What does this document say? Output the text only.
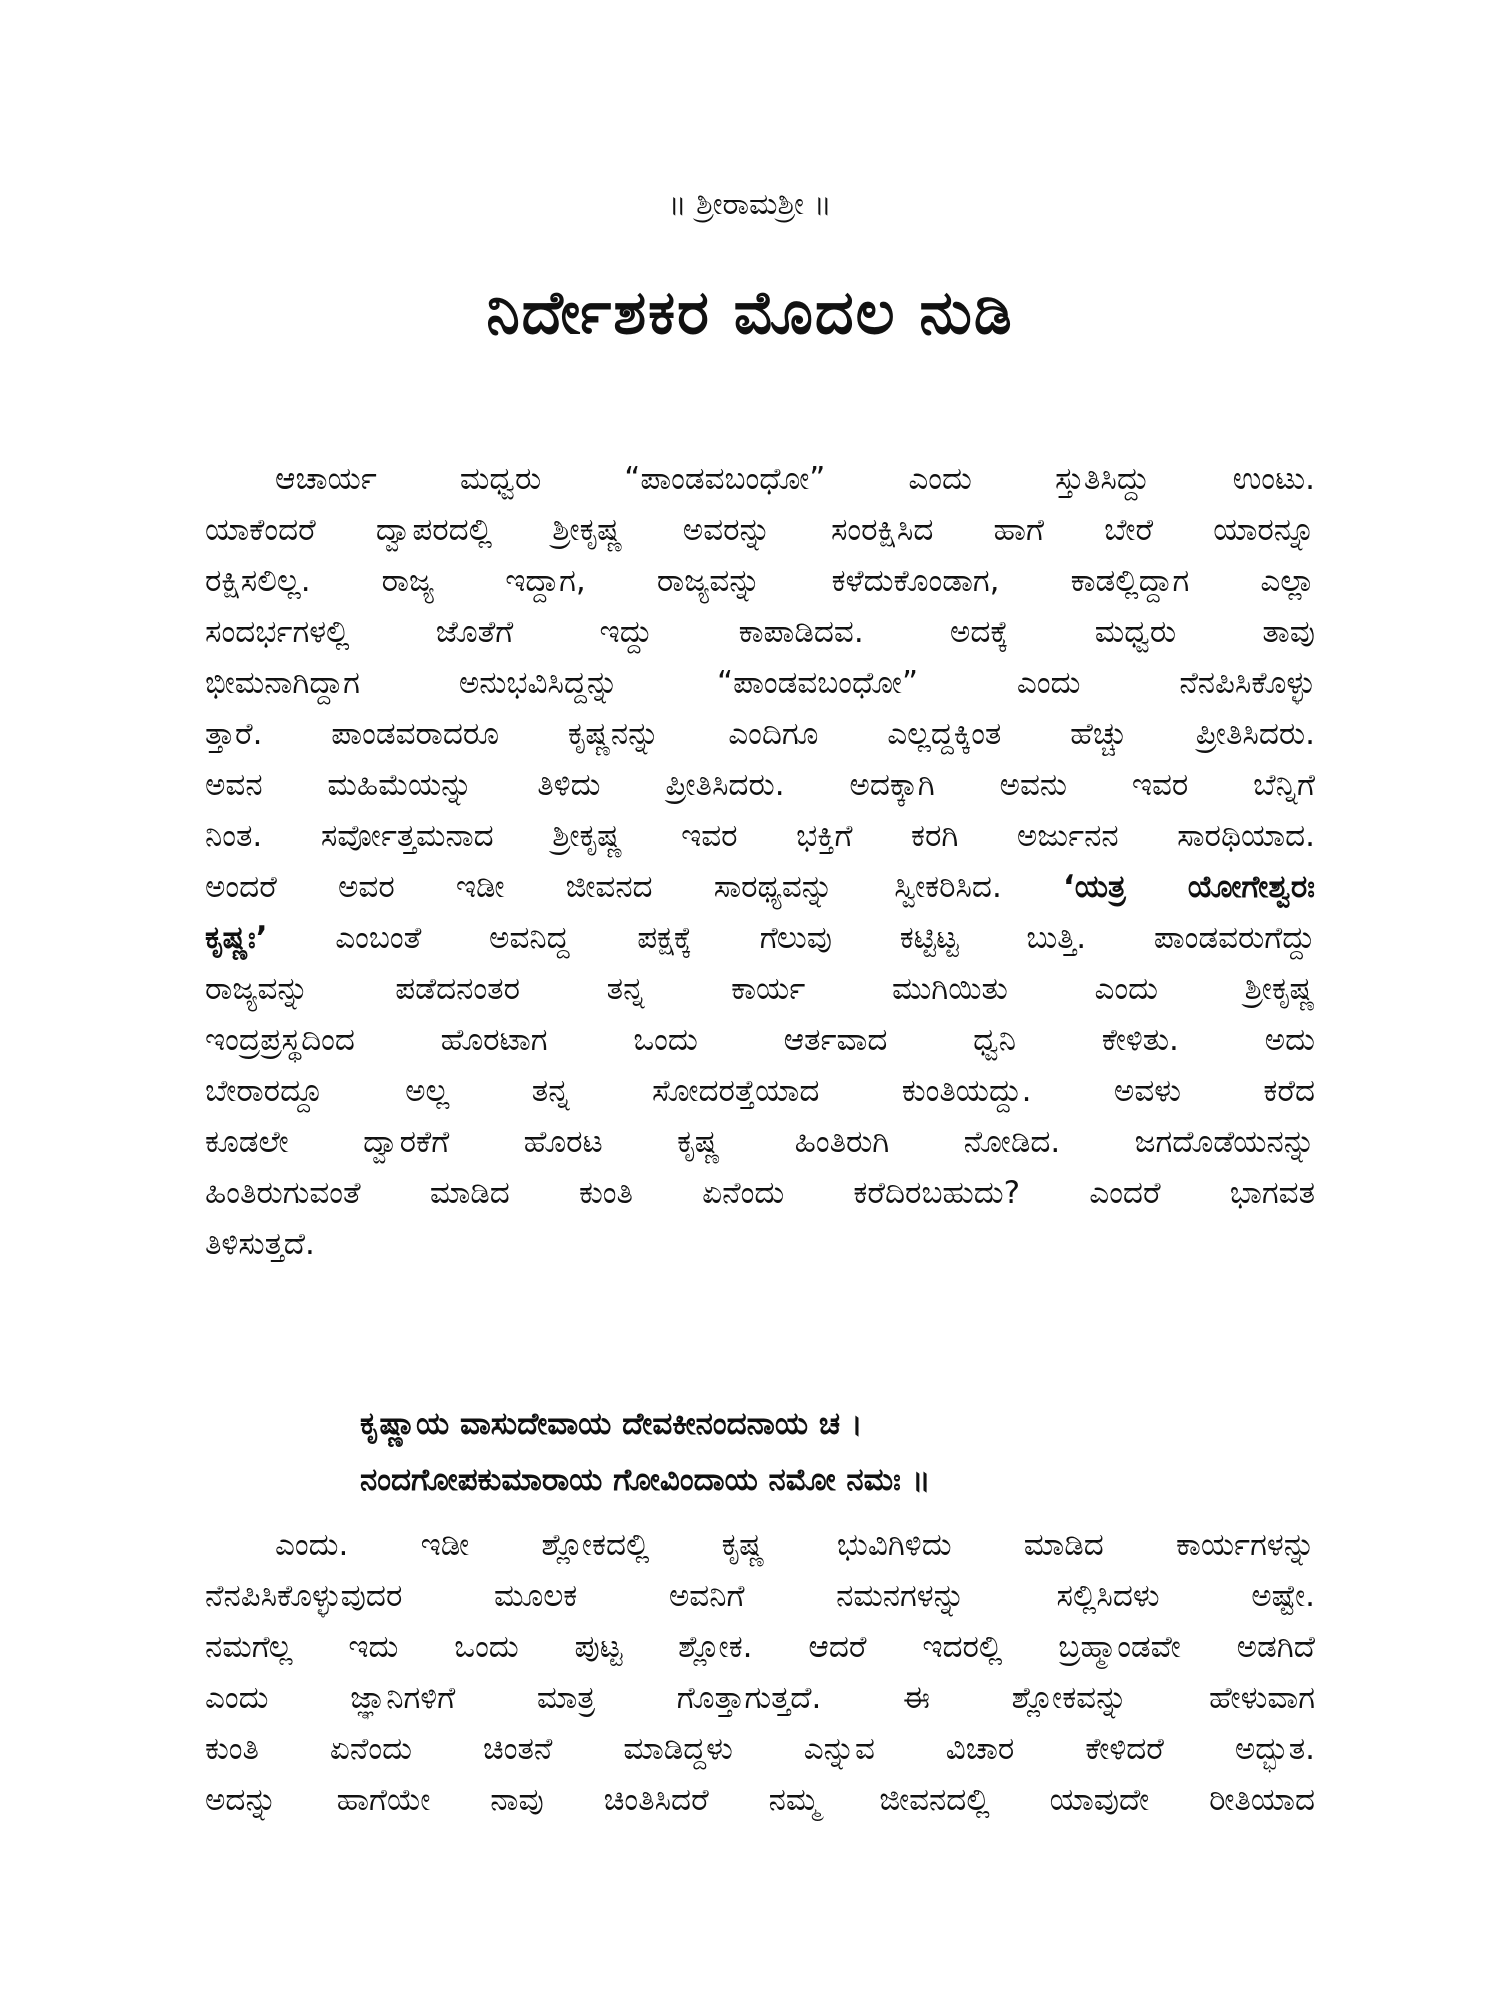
॥ ಶ್ರೀರಾಮಶ್ರೀ ॥
ನಿರ್ದೇಶಕರ ಮೊದಲ ನುಡಿ
ಆಚಾರ್ಯ ಮಧ್ವರು “ಪಾಂಡವಬಂಧೋ” ಎಂದು ಸ್ತುತಿಸಿದ್ದು ಉಂಟು.
ಯಾಕೆಂದರೆ ದ್ವಾಪರದಲ್ಲಿ ಶ್ರೀಕೃಷ್ಣ ಅವರನ್ನು ಸಂರಕ್ಷಿಸಿದ ಹಾಗೆ ಬೇರೆ ಯಾರನ್ನೂ
ರಕ್ಷಿಸಲಿಲ್ಲ. ರಾಜ್ಯ ಇದ್ದಾಗ, ರಾಜ್ಯವನ್ನು ಕಳೆದುಕೊಂಡಾಗ, ಕಾಡಲ್ಲಿದ್ದಾಗ ಎಲ್ಲಾ
ಸಂದರ್ಭಗಳಲ್ಲಿ ಜೊತೆಗೆ ಇದ್ದು ಕಾಪಾಡಿದವ. ಅದಕ್ಕೆ ಮಧ್ವರು ತಾವು
ಭೀಮನಾಗಿದ್ದಾಗ ಅನುಭವಿಸಿದ್ದನ್ನು “ಪಾಂಡವಬಂಧೋ” ಎಂದು ನೆನಪಿಸಿಕೊಳ್ಳು
ತ್ತಾರೆ. ಪಾಂಡವರಾದರೂ ಕೃಷ್ಣನನ್ನು ಎಂದಿಗೂ ಎಲ್ಲದ್ದಕ್ಕಿಂತ ಹೆಚ್ಚು ಪ್ರೀತಿಸಿದರು.
ಅವನ ಮಹಿಮೆಯನ್ನು ತಿಳಿದು ಪ್ರೀತಿಸಿದರು. ಅದಕ್ಕಾಗಿ ಅವನು ಇವರ ಬೆನ್ನಿಗೆ
ನಿಂತ. ಸರ್ವೋತ್ತಮನಾದ ಶ್ರೀಕೃಷ್ಣ ಇವರ ಭಕ್ತಿಗೆ ಕರಗಿ ಅರ್ಜುನನ ಸಾರಥಿಯಾದ.
ಅಂದರೆ ಅವರ ಇಡೀ ಜೀವನದ ಸಾರಥ್ಯವನ್ನು ಸ್ವೀಕರಿಸಿದ. ‘ಯತ್ರ ಯೋಗೇಶ್ವರಃ
ಕೃಷ್ಣಃ’ ಎಂಬಂತೆ ಅವನಿದ್ದ ಪಕ್ಷಕ್ಕೆ ಗೆಲುವು ಕಟ್ಟಿಟ್ಟ ಬುತ್ತಿ. ಪಾಂಡವರುಗೆದ್ದು
ರಾಜ್ಯವನ್ನು ಪಡೆದನಂತರ ತನ್ನ ಕಾರ್ಯ ಮುಗಿಯಿತು ಎಂದು ಶ್ರೀಕೃಷ್ಣ
ಇಂದ್ರಪ್ರಸ್ಥದಿಂದ ಹೊರಟಾಗ ಒಂದು ಆರ್ತವಾದ ಧ್ವನಿ ಕೇಳಿತು. ಅದು
ಬೇರಾರದ್ದೂ ಅಲ್ಲ ತನ್ನ ಸೋದರತ್ತೆಯಾದ ಕುಂತಿಯದ್ದು. ಅವಳು ಕರೆದ
ಕೂಡಲೇ ದ್ವಾರಕೆಗೆ ಹೊರಟ ಕೃಷ್ಣ ಹಿಂತಿರುಗಿ ನೋಡಿದ. ಜಗದೊಡೆಯನನ್ನು
ಹಿಂತಿರುಗುವಂತೆ ಮಾಡಿದ ಕುಂತಿ ಏನೆಂದು ಕರೆದಿರಬಹುದು? ಎಂದರೆ ಭಾಗವತ
ತಿಳಿಸುತ್ತದೆ.
ಕೃಷ್ಣಾಯ ವಾಸುದೇವಾಯ ದೇವಕೀನಂದನಾಯ ಚ ।
ನಂದಗೋಪಕುಮಾರಾಯ ಗೋವಿಂದಾಯ ನಮೋ ನಮಃ ॥
ಎಂದು. ಇಡೀ ಶ್ಲೋಕದಲ್ಲಿ ಕೃಷ್ಣ ಭುವಿಗಿಳಿದು ಮಾಡಿದ ಕಾರ್ಯಗಳನ್ನು
ನೆನಪಿಸಿಕೊಳ್ಳುವುದರ ಮೂಲಕ ಅವನಿಗೆ ನಮನಗಳನ್ನು ಸಲ್ಲಿಸಿದಳು ಅಷ್ಟೇ.
ನಮಗೆಲ್ಲ ಇದು ಒಂದು ಪುಟ್ಟ ಶ್ಲೋಕ. ಆದರೆ ಇದರಲ್ಲಿ ಬ್ರಹ್ಮಾಂಡವೇ ಅಡಗಿದೆ
ಎಂದು ಜ್ಞಾನಿಗಳಿಗೆ ಮಾತ್ರ ಗೊತ್ತಾಗುತ್ತದೆ. ಈ ಶ್ಲೋಕವನ್ನು ಹೇಳುವಾಗ
ಕುಂತಿ ಏನೆಂದು ಚಿಂತನೆ ಮಾಡಿದ್ದಳು ಎನ್ನುವ ವಿಚಾರ ಕೇಳಿದರೆ ಅದ್ಭುತ.
ಅದನ್ನು ಹಾಗೆಯೇ ನಾವು ಚಿಂತಿಸಿದರೆ ನಮ್ಮ ಜೀವನದಲ್ಲಿ ಯಾವುದೇ ರೀತಿಯಾದ
